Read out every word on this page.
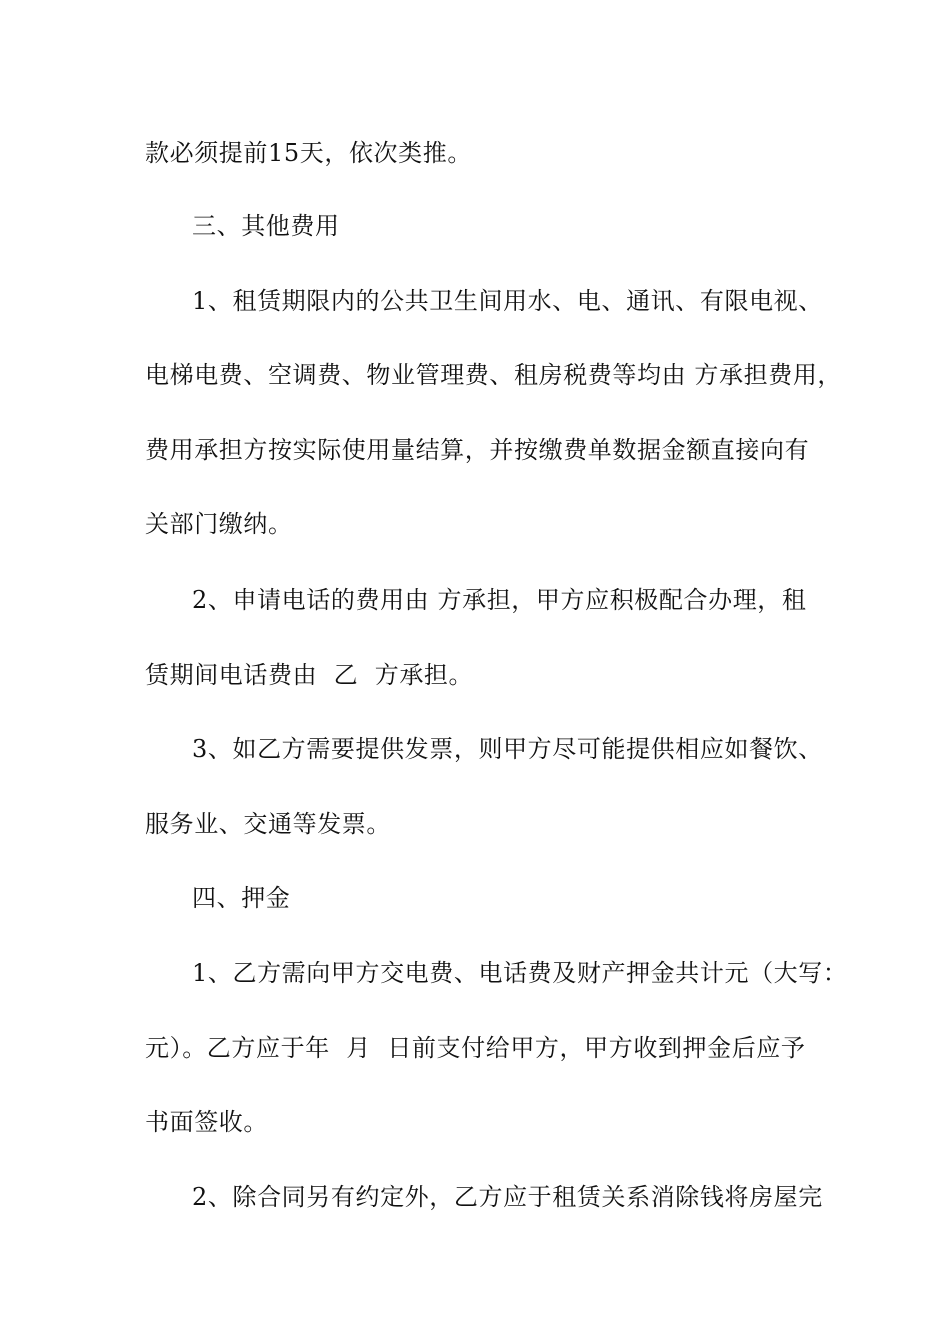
款必须提前15天，依次类推。
三、其他费用
1、租赁期限内的公共卫生间用水、电、通讯、有限电视、
电梯电费、空调费、物业管理费、租房税费等均由 方承担费用，
费用承担方按实际使用量结算，并按缴费单数据金额直接向有
关部门缴纳。
2、申请电话的费用由 方承担，甲方应积极配合办理，租
赁期间电话费由  乙  方承担。
3、如乙方需要提供发票，则甲方尽可能提供相应如餐饮、
服务业、交通等发票。
四、押金
1、乙方需向甲方交电费、电话费及财产押金共计元（大写：
元）。乙方应于年  月  日前支付给甲方，甲方收到押金后应予
书面签收。
2、除合同另有约定外，乙方应于租赁关系消除钱将房屋完
